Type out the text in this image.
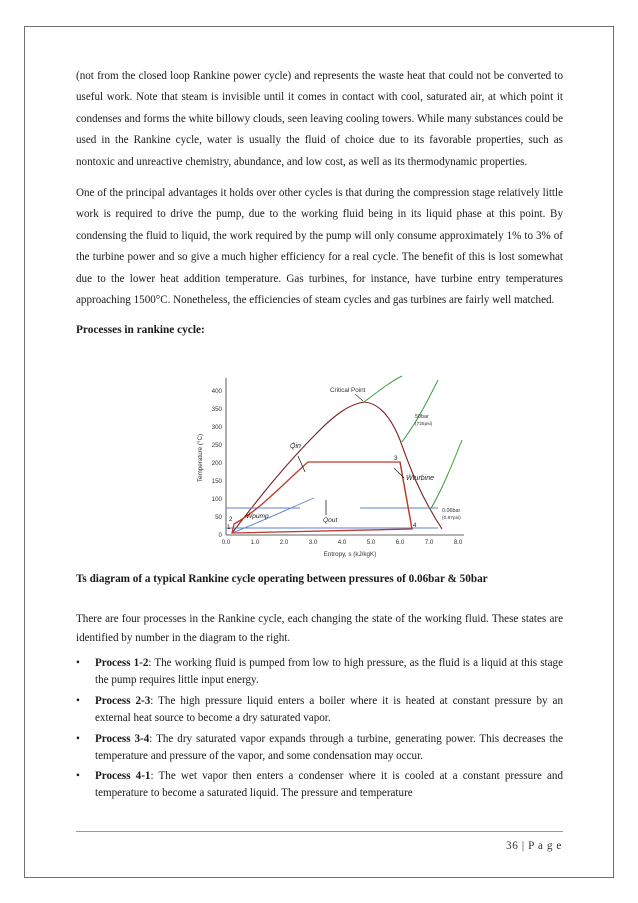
(not from the closed loop Rankine power cycle) and represents the waste heat that could not be converted to useful work. Note that steam is invisible until it comes in contact with cool, saturated air, at which point it condenses and forms the white billowy clouds, seen leaving cooling towers. While many substances could be used in the Rankine cycle, water is usually the fluid of choice due to its favorable properties, such as nontoxic and unreactive chemistry, abundance, and low cost, as well as its thermodynamic properties.

One of the principal advantages it holds over other cycles is that during the compression stage relatively little work is required to drive the pump, due to the working fluid being in its liquid phase at this point. By condensing the fluid to liquid, the work required by the pump will only consume approximately 1% to 3% of the turbine power and so give a much higher efficiency for a real cycle. The benefit of this is lost somewhat due to the lower heat addition temperature. Gas turbines, for instance, have turbine entry temperatures approaching 1500°C. Nonetheless, the efficiencies of steam cycles and gas turbines are fairly well matched.

Processes in rankine cycle:

0
50
100
150
200
250
300
350
400
0.0	1.0	2.0	3.0	4.0	5.0	6.0	7.0	8.0
Entropy, s (kJ/kgK)
Temperature (°C)
1
2
3
4
Critical Point
50bar
(725psi)
0.06bar
(0.87psi)
Q̇in
Ẇturbine
Ẇpump
Q̇out
Ts diagram of a typical Rankine cycle operating between pressures of 0.06bar & 50bar
There are four processes in the Rankine cycle, each changing the state of the working fluid. These states are identified by number in the diagram to the right.
• Process 1-2: The working fluid is pumped from low to high pressure, as the fluid is a liquid at this stage the pump requires little input energy.
• Process 2-3: The high pressure liquid enters a boiler where it is heated at constant pressure by an external heat source to become a dry saturated vapor.
• Process 3-4: The dry saturated vapor expands through a turbine, generating power. This decreases the temperature and pressure of the vapor, and some condensation may occur.
• Process 4-1: The wet vapor then enters a condenser where it is cooled at a constant pressure and temperature to become a saturated liquid. The pressure and temperature
36 | P a g e
